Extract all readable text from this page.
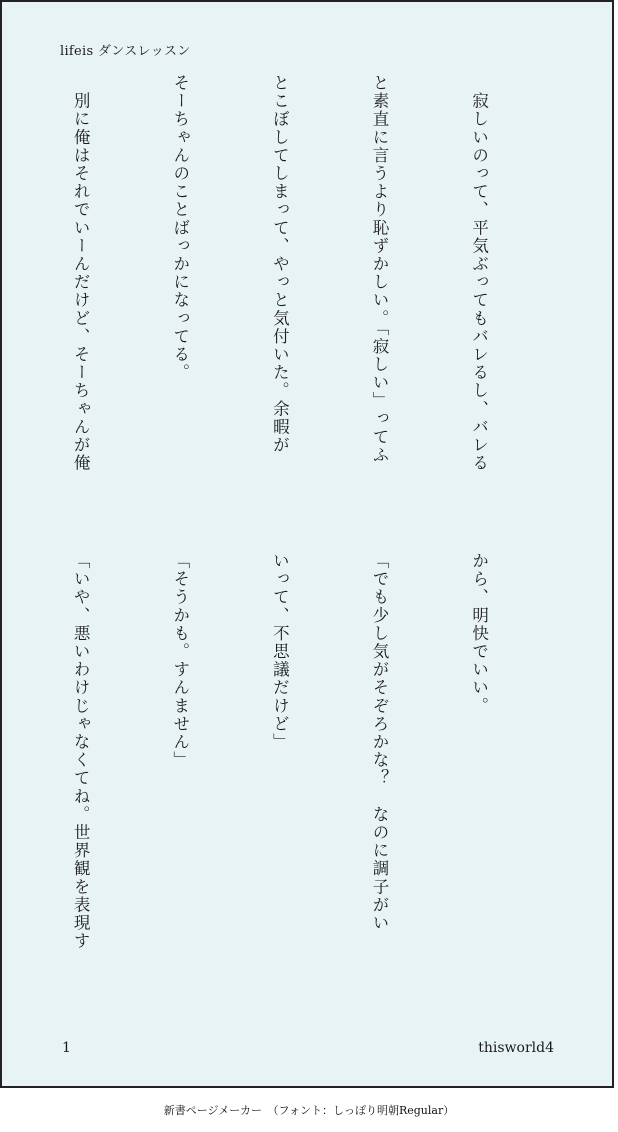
lifeis ダンスレッスン

　寂しいのって、平気ぶってもバレるし、バレる

と素直に言うより恥ずかしい。「寂しい」ってふ

とこぼしてしまって、やっと気付いた。余暇が

そーちゃんのことばっかになってる。

　別に俺はそれでいーんだけど、そーちゃんが俺

から、明快でいい。

「でも少し気がそぞろかな？　なのに調子がい

いって、不思議だけど」

「そうかも。すんません」

「いや、悪いわけじゃなくてね。世界観を表現す

1	thisworld4
新書ページメーカー　（フォント：しっぽり明朝Regular）
